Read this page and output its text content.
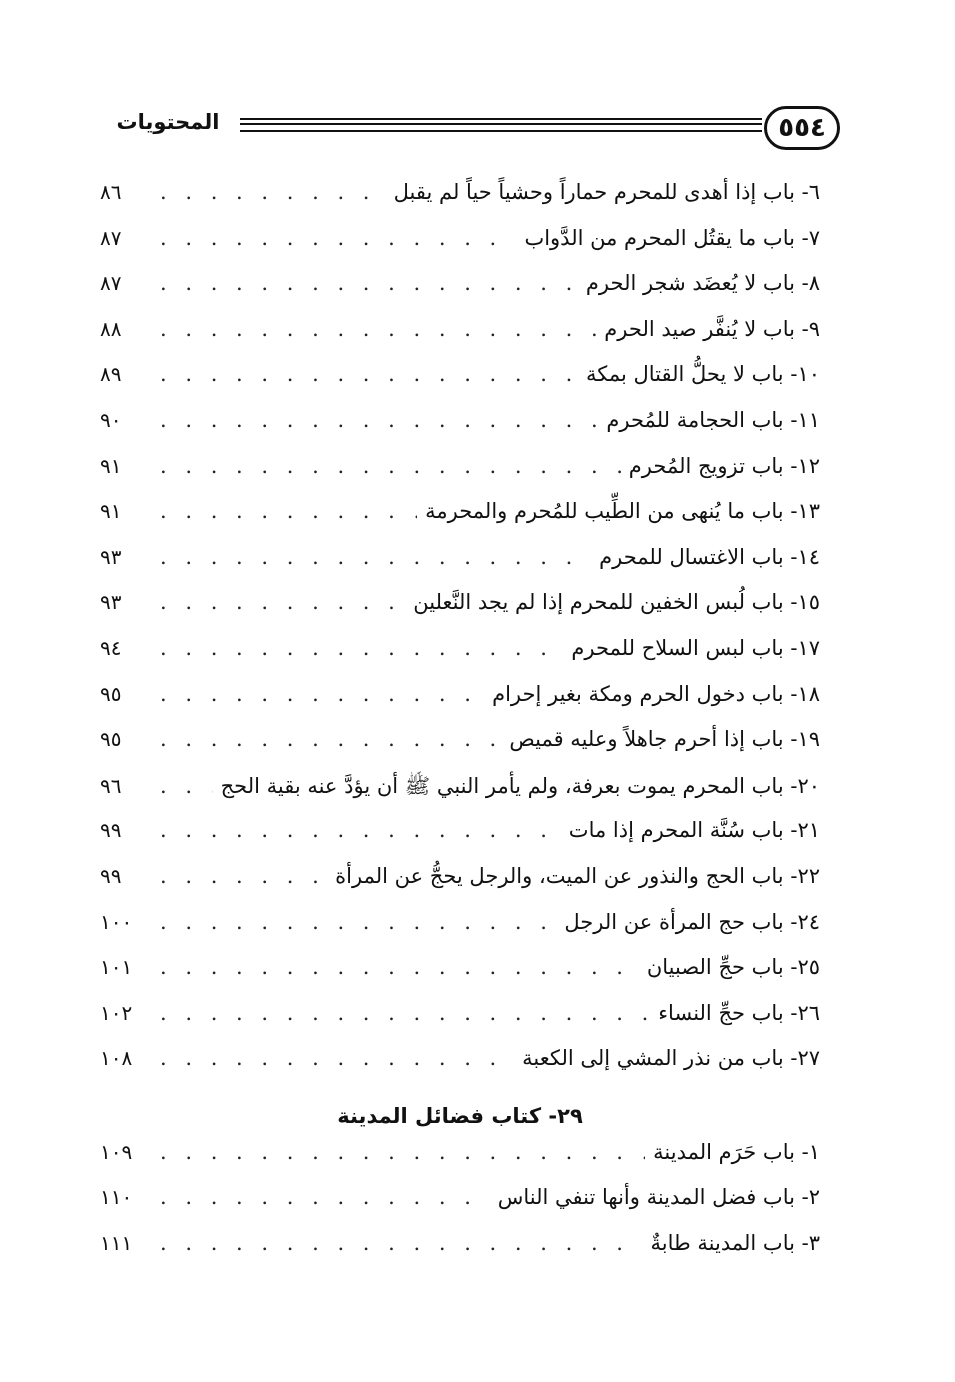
٥٥٤
المحتويات
٦- باب إذا أهدى للمحرم حماراً وحشياً حياً لم يقبل
. . .
٨٦
٧- باب ما يقتُل المحرم من الدَّواب
. . .
٨٧
٨- باب لا يُعضَد شجر الحرم
. . .
٨٧
٩- باب لا يُنفَّر صيد الحرم
. . .
٨٨
١٠- باب لا يحلُّ القتال بمكة
. . .
٨٩
١١- باب الحجامة للمُحرم
. . .
٩٠
١٢- باب تزويج المُحرم
. . .
٩١
١٣- باب ما يُنهى من الطِّيب للمُحرم والمحرمة
. . .
٩١
١٤- باب الاغتسال للمحرم
. . .
٩٣
١٥- باب لُبس الخفين للمحرم إذا لم يجد النَّعلين
. . .
٩٣
١٧- باب لبس السلاح للمحرم
. . .
٩٤
١٨- باب دخول الحرم ومكة بغير إحرام
. . .
٩٥
١٩- باب إذا أحرم جاهلاً وعليه قميص
. . .
٩٥
٢٠- باب المحرم يموت بعرفة، ولم يأمر النبي ﷺ أن يؤدَّ عنه بقية الحج
. . .
٩٦
٢١- باب سُنَّة المحرم إذا مات
. . .
٩٩
٢٢- باب الحج والنذور عن الميت، والرجل يحجُّ عن المرأة
. . .
٩٩
٢٤- باب حج المرأة عن الرجل
. . .
١٠٠
٢٥- باب حجِّ الصبيان
. . .
١٠١
٢٦- باب حجِّ النساء
. . .
١٠٢
٢٧- باب من نذر المشي إلى الكعبة
. . .
١٠٨
٢٩- كتاب فضائل المدينة
١- باب حَرَم المدينة
. . .
١٠٩
٢- باب فضل المدينة وأنها تنفي الناس
. . .
١١٠
٣- باب المدينة طابةٌ
. . .
١١١
